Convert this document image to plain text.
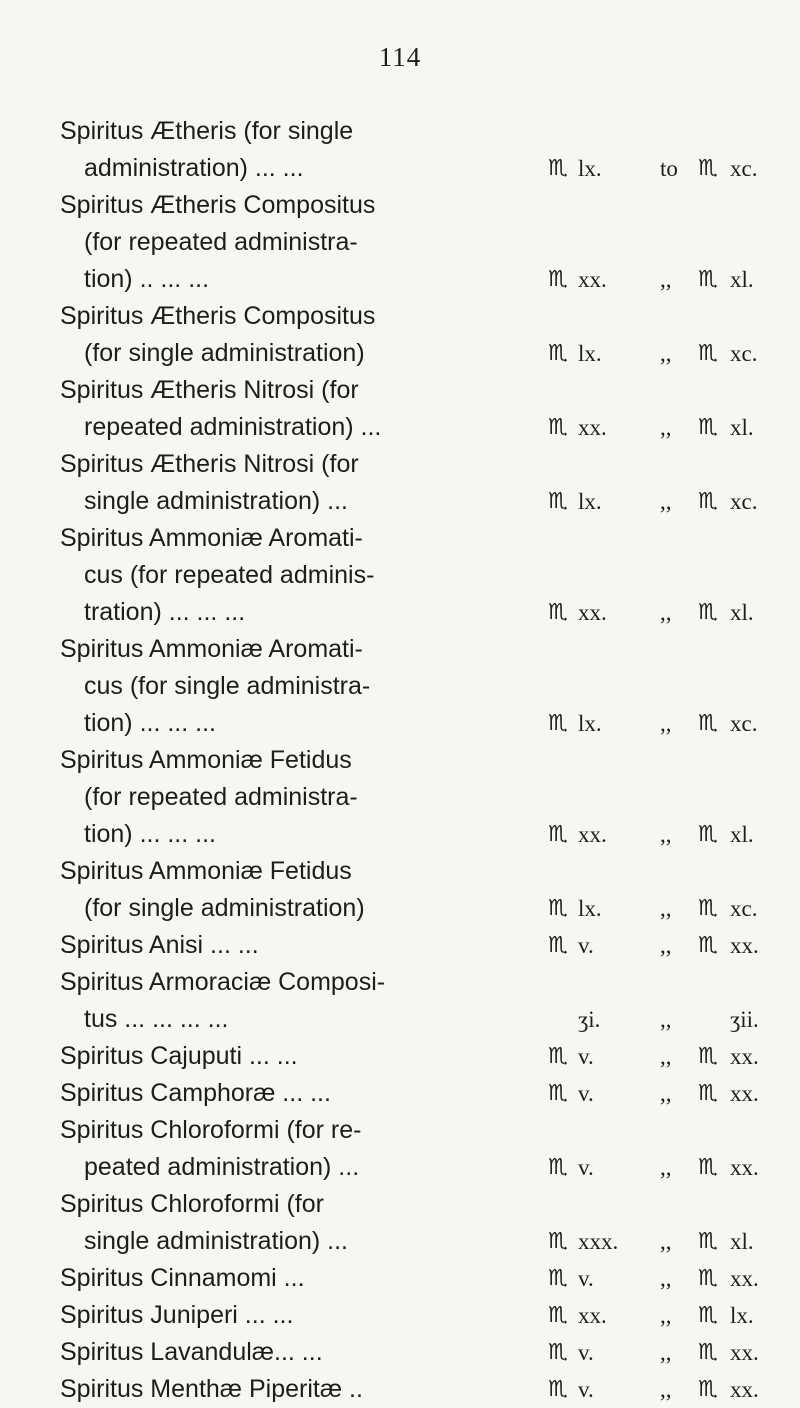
114
Spiritus Ætheris (for single
administration) ... ...	♏ lx.	to ♏ xc.
Spiritus Ætheris Compositus
(for repeated administra-
tion) .. ... ...	♏ xx. ,, ♏ xl.
Spiritus Ætheris Compositus
(for single administration)	♏ lx.	,, ♏ xc.
Spiritus Ætheris Nitrosi (for
repeated administration) ...	♏ xx. ,, ♏ xl.
Spiritus Ætheris Nitrosi (for
single administration) ...	♏ lx.	,, ♏ xc.
Spiritus Ammoniæ Aromati-
cus (for repeated adminis-
tration) ... ... ...	♏ xx. ,, ♏ xl.
Spiritus Ammoniæ Aromati-
cus (for single administra-
tion) ... ... ...	♏ lx.	,, ♏ xc.
Spiritus Ammoniæ Fetidus
(for repeated administra-
tion) ... ... ...	♏ xx. ,, ♏ xl.
Spiritus Ammoniæ Fetidus
(for single administration)	♏ lx.	,, ♏ xc.
Spiritus Anisi ... ...	♏ v.	,, ♏ xx.
Spiritus Armoraciæ Composi-
tus ... ... ... ...	ʒi.	,,	ʒii.
Spiritus Cajuputi ... ...	♏ v.	,, ♏ xx.
Spiritus Camphoræ ... ...	♏ v.	,, ♏ xx.
Spiritus Chloroformi (for re-
peated administration) ...	♏ v.	,, ♏ xx.
Spiritus Chloroformi (for
single administration) ...	♏ xxx. ,, ♏ xl.
Spiritus Cinnamomi ...	♏ v.	,, ♏ xx.
Spiritus Juniperi ... ...	♏ xx. ,, ♏ lx.
Spiritus Lavandulæ... ...	♏ v.	,, ♏ xx.
Spiritus Menthæ Piperitæ ..	♏ v.	,, ♏ xx.
